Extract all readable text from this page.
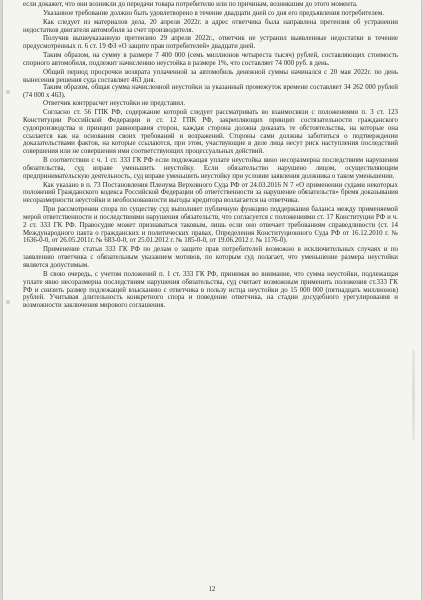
если докажет, что они возникли до передачи товара потребителю или по причинам, возникшим до этого момента.

Указанное требование должно быть удовлетворено в течение двадцати дней со дня его предъявления потребителем.

Как следует из материалов дела, 20 апреля 2022г. в адрес ответчика была направлена претензия об устранении недостатков двигателя автомобиля за счет производителя.

Получив вышеуказанную претензию 29 апреля 2022г., ответчик не устранил выявленные недостатки в течение предусмотренных п. 6 ст. 19 ФЗ «О защите прав потребителей» двадцати дней.

Таким образом, на сумму в размере 7 400 000 (семь миллионов четыреста тысяч) рублей, составляющих стоимость спорного автомобиля, подлежит начислению неустойка в размере 1%, что составляет 74 000 руб. в день.

Общий период просрочки возврата уплаченной за автомобиль денежной суммы начинался с 20 мая 2022г. по день вынесения решения суда составляет 463 дня.

Таким образом, общая сумма начисленной неустойки за указанный промежуток времени составляет 34 262 000 рублей (74 000 х 463).

Ответчик контррасчет неустойки не представил.

Согласно ст. 56 ГПК РФ, содержание которой следует рассматривать во взаимосвязи с положениями п. 3 ст. 123 Конституции Российской Федерации и ст. 12 ГПК РФ, закрепляющих принцип состязательности гражданского судопроизводства и принцип равноправия сторон, каждая сторона должна доказать те обстоятельства, на которые она ссылается как на основания своих требований и возражений. Стороны сами должны заботиться о подтверждении доказательствами фактов, на которые ссылаются, при этом, участвующие в деле лица несут риск наступления последствий совершения или не совершения ими соответствующих процессуальных действий.

В соответствии с ч. 1 ст. 333 ГК РФ если подлежащая уплате неустойка явно несоразмерна последствиям нарушения обязательства, суд вправе уменьшить неустойку. Если обязательство нарушено лицом, осуществляющим предпринимательскую деятельность, суд вправе уменьшить неустойку при условии заявления должника о таком уменьшении.

Как указано в п. 73 Постановления Пленума Верховного Суда РФ от 24.03.2016 N 7 «О применении судами некоторых положений Гражданского кодекса Российской Федерации об ответственности за нарушение обязательств» бремя доказывания несоразмерности неустойки и необоснованности выгоды кредитора возлагается на ответчика.

При рассмотрении спора по существу суд выполняет публичную функцию поддержания баланса между применяемой мерой ответственности и последствиями нарушения обязательств, что согласуется с положениями ст. 17 Конституции РФ и ч. 2 ст. 333 ГК РФ. Правосудие может признаваться таковым, лишь если оно отвечает требованиям справедливости (ст. 14 Международного пакта о гражданских и политических правах, Определения Конституционного Суда РФ от 16.12.2010 г. № 1636-0-0, от 26.05.2011г. № 683-0-0, от 25.01.2012 г. № 185-0-0, от 19.06.2012 г. № 1176-0).

Применение статьи 333 ГК РФ по делам о защите прав потребителей возможно в исключительных случаях и по заявлению ответчика с обязательным указанием мотивов, по которым суд полагает, что уменьшение размера неустойки является допустимым.

В свою очередь, с учетом положений п. 1 ст. 333 ГК РФ, принимая во внимание, что сумма неустойки, подлежащая уплате явно несоразмерна последствиям нарушения обязательства, суд считает возможным применить положения ст.333 ГК РФ и снизить размер подлежащей взысканию с ответчика в пользу истца неустойки до 15 000 000 (пятнадцать миллионов) рублей. Учитывая длительность конкретного спора и поведение ответчика, на стадии досудебного урегулирования и возможности заключения мирового соглашения.

12
